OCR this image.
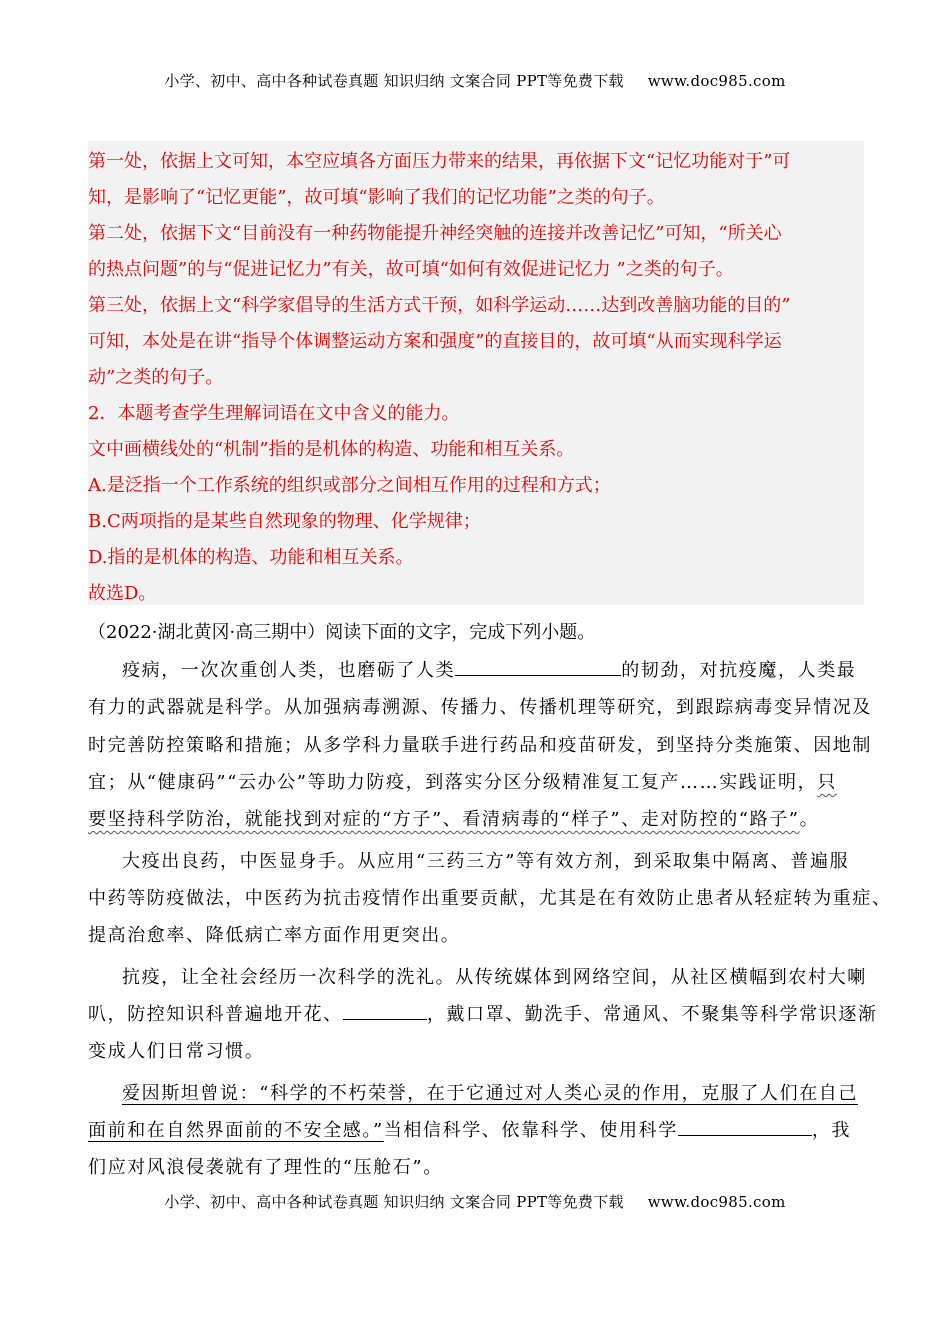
小学、初中、高中各种试卷真题 知识归纳 文案合同 PPT等免费下载 www.doc985.com
第一处，依据上文可知，本空应填各方面压力带来的结果，再依据下文“记忆功能对于”可
知，是影响了“记忆更能”，故可填“影响了我们的记忆功能”之类的句子。
第二处，依据下文“目前没有一种药物能提升神经突触的连接并改善记忆”可知，“所关心
的热点问题”的与“促进记忆力”有关，故可填“如何有效促进记忆力 ”之类的句子。
第三处，依据上文“科学家倡导的生活方式干预，如科学运动……达到改善脑功能的目的”
可知，本处是在讲“指导个体调整运动方案和强度”的直接目的，故可填“从而实现科学运
动”之类的句子。
2．本题考查学生理解词语在文中含义的能力。
文中画横线处的“机制”指的是机体的构造、功能和相互关系。
A.是泛指一个工作系统的组织或部分之间相互作用的过程和方式；
B.C两项指的是某些自然现象的物理、化学规律；
D.指的是机体的构造、功能和相互关系。
故选D。
（2022·湖北黄冈·高三期中）阅读下面的文字，完成下列小题。
疫病，一次次重创人类，也磨砺了人类	的韧劲，对抗疫魔，人类最
有力的武器就是科学。从加强病毒溯源、传播力、传播机理等研究，到跟踪病毒变异情况及
时完善防控策略和措施；从多学科力量联手进行药品和疫苗研发，到坚持分类施策、因地制
宜；从“健康码”“云办公”等助力防疫，到落实分区分级精准复工复产……实践证明，只
要坚持科学防治，就能找到对症的“方子”、看清病毒的“样子”、走对防控的“路子”。
大疫出良药，中医显身手。从应用“三药三方”等有效方剂，到采取集中隔离、普遍服
中药等防疫做法，中医药为抗击疫情作出重要贡献，尤其是在有效防止患者从轻症转为重症、
提高治愈率、降低病亡率方面作用更突出。
抗疫，让全社会经历一次科学的洗礼。从传统媒体到网络空间，从社区横幅到农村大喇
叭，防控知识科普遍地开花、	，戴口罩、勤洗手、常通风、不聚集等科学常识逐渐
变成人们日常习惯。
爱因斯坦曾说：“科学的不朽荣誉，在于它通过对人类心灵的作用，克服了人们在自己
面前和在自然界面前的不安全感。”当相信科学、依靠科学、使用科学	，我
们应对风浪侵袭就有了理性的“压舱石”。
小学、初中、高中各种试卷真题 知识归纳 文案合同 PPT等免费下载 www.doc985.com
